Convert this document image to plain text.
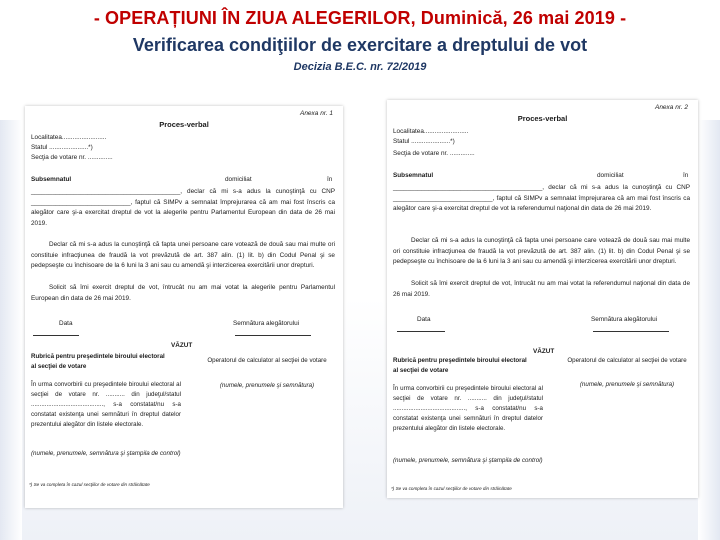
- OPERAȚIUNI ÎN ZIUA ALEGERILOR, Duminică, 26 mai 2019 -
Verificarea condiţiilor de exercitare a dreptului de vot
Decizia B.E.C. nr. 72/2019
Anexa nr. 1
Proces-verbal
Localitatea.........................
Statul ......................*)
Secţia de votare nr. ..............
Subsemnatul	domiciliat	în
__________________________________________, declar că mi s-a adus la cunoştinţă cu CNP ____________________________, faptul că SIMPv a semnalat împrejurarea că am mai fost înscris ca alegător care şi-a exercitat dreptul de vot la alegerile pentru Parlamentul European din data de 26 mai 2019.
Declar că mi s-a adus la cunoştinţă că fapta unei persoane care votează de două sau mai multe ori constituie infracţiunea de fraudă la vot prevăzută de art. 387 alin. (1) lit. b) din Codul Penal şi se pedepseşte cu închisoare de la 6 luni la 3 ani sau cu amendă şi interzicerea exercitării unor drepturi.
Solicit să îmi exercit dreptul de vot, întrucât nu am mai votat la alegerile pentru Parlamentul European din data de 26 mai 2019.
Data	Semnătura alegătorului
VĂZUT
Rubrică pentru preşedintele biroului electoral al secţiei de votare
Operatorul de calculator al secţiei de votare
(numele, prenumele şi semnătura)
În urma convorbirii cu preşedintele biroului electoral al secţiei de votare nr. ........... din judeţul/statul .........................................., s-a constatat/nu s-a constatat existenţa unei semnături în dreptul datelor prezentului alegător din listele electorale.
(numele, prenumele, semnătura şi ştampila de control)
*) Se va completa în cazul secţiilor de votare din străinătate
Anexa nr. 2
Proces-verbal
Localitatea.........................
Statul ......................*)
Secţia de votare nr. ..............
Subsemnatul	domiciliat	în
__________________________________________, declar că mi s-a adus la cunoştinţă cu CNP ____________________________, faptul că SIMPv a semnalat împrejurarea că am mai fost înscris ca alegător care şi-a exercitat dreptul de vot la referendumul naţional din data de 26 mai 2019.
Declar că mi s-a adus la cunoştinţă că fapta unei persoane care votează de două sau mai multe ori constituie infracţiunea de fraudă la vot prevăzută de art. 387 alin. (1) lit. b) din Codul Penal şi se pedepseşte cu închisoare de la 6 luni la 3 ani sau cu amendă şi interzicerea exercitării unor drepturi.
Solicit să îmi exercit dreptul de vot, întrucât nu am mai votat la referendumul naţional din data de 26 mai 2019.
Data	Semnătura alegătorului
VĂZUT
Rubrică pentru preşedintele biroului electoral al secţiei de votare
Operatorul de calculator al secţiei de votare
(numele, prenumele şi semnătura)
În urma convorbirii cu preşedintele biroului electoral al secţiei de votare nr. ........... din judeţul/statul .........................................., s-a constatat/nu s-a constatat existenţa unei semnături în dreptul datelor prezentului alegător din listele electorale.
(numele, prenumele, semnătura şi ştampila de control)
*) Se va completa în cazul secţiilor de votare din străinătate
